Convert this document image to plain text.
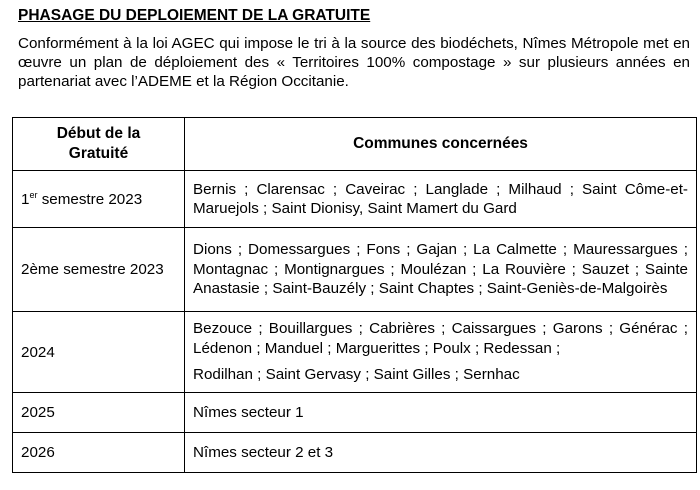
PHASAGE DU DEPLOIEMENT DE LA GRATUITE
Conformément à la loi AGEC qui impose le tri à la source des biodéchets, Nîmes Métropole met en œuvre un plan de déploiement des « Territoires 100% compostage » sur plusieurs années en partenariat avec l’ADEME et la Région Occitanie.
Début de la
Gratuité	Communes concernées
1er semestre 2023	Bernis ; Clarensac ; Caveirac ; Langlade ; Milhaud ; Saint Côme-et-Maruejols ; Saint Dionisy, Saint Mamert du Gard
2ème semestre 2023	Dions ; Domessargues ; Fons ; Gajan ; La Calmette ; Mauressargues ; Montagnac ; Montignargues ; Moulézan ; La Rouvière ; Sauzet ; Sainte Anastasie ; Saint-Bauzély ; Saint Chaptes ; Saint-Geniès-de-Malgoirès
2024	Bezouce ; Bouillargues ; Cabrières ; Caissargues ; Garons ; Générac ; Lédenon ; Manduel ; Marguerittes ; Poulx ; Redessan ;
Rodilhan ; Saint Gervasy ; Saint Gilles ; Sernhac

2025	Nîmes secteur 1
2026	Nîmes secteur 2 et 3
